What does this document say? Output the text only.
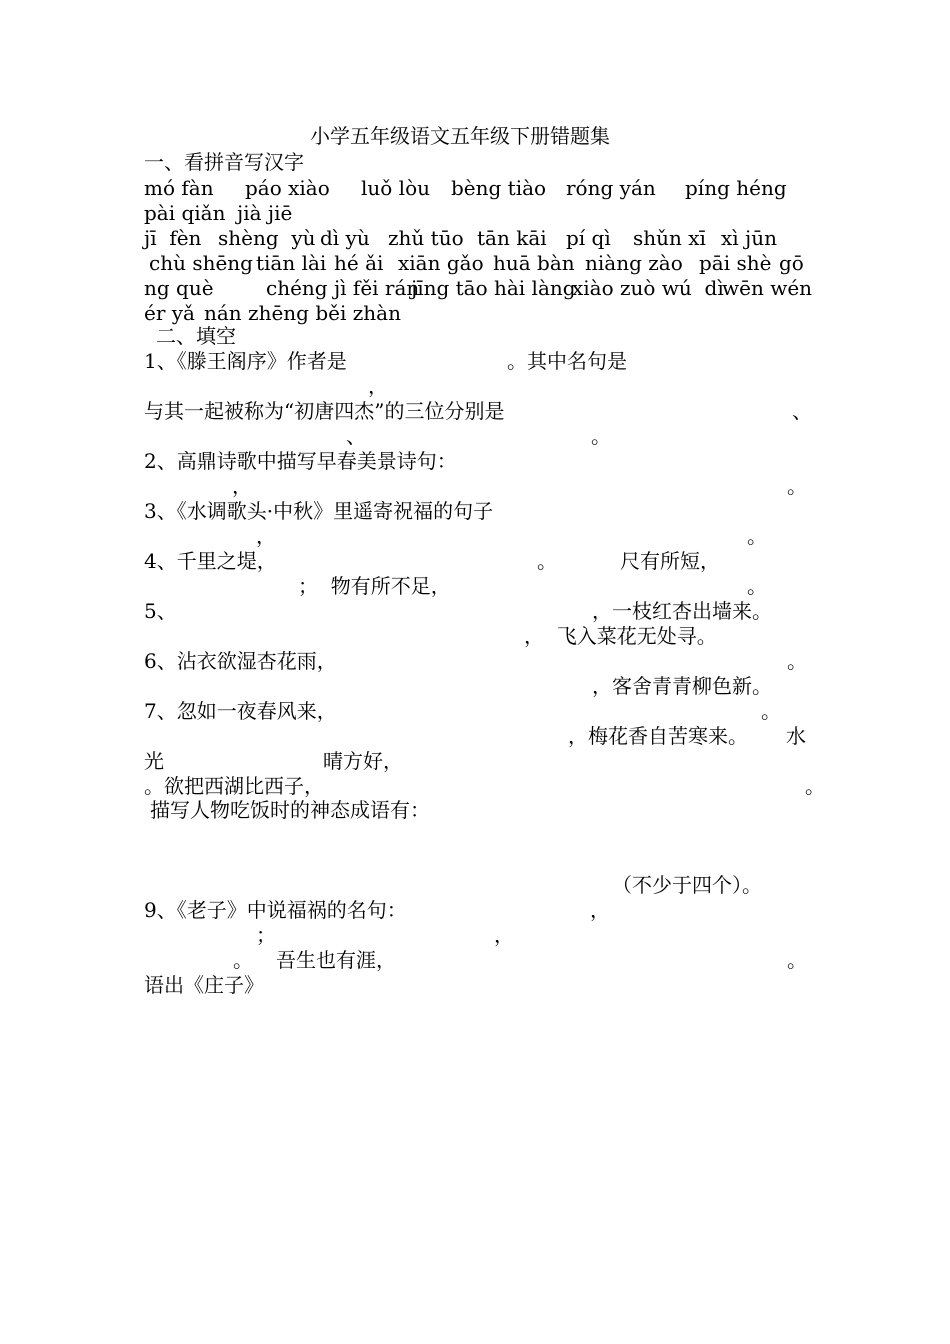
小学五年级语文五年级下册错题集
一、看拼音写汉字
mó fàn páo xiào luǒ lòu bèng tiào róng yán píng héng
pài qiǎn jià jiē
jī  fèn shèng  yù dì yù zhǔ tūo tān kāi pí qì shǔn xī xì jūn
chù shēng tiān lài hé ǎi xiān gǎo huā bàn niàng zào pāi shè gō
ng què	chéng jì fěi rán
jīng tāo hài làng
xiào zuò wú  dì
wēn wén
ér yǎ nán zhēng běi zhàn
二、填空
1、《滕王阁序》作者是	。其中名句是
，
与其一起被称为“初唐四杰”的三位分别是	、
、	。
2、高鼎诗歌中描写早春美景诗句：
，	。
3、《水调歌头·中秋》里遥寄祝福的句子
，	。
4、千里之堤，	。	尺有所短，
；  物有所不足，	。
5、	，一枝红杏出墙来。
，  飞入菜花无处寻。
6、沾衣欲湿杏花雨，	。
，客舍青青柳色新。
7、忽如一夜春风来，	。
，梅花香自苦寒来。 水
光	晴方好，
。欲把西湖比西子，	。
描写人物吃饭时的神态成语有：
（不少于四个）。
9、《老子》中说福祸的名句：	，
；	，
。 吾生也有涯，	。
语出《庄子》
